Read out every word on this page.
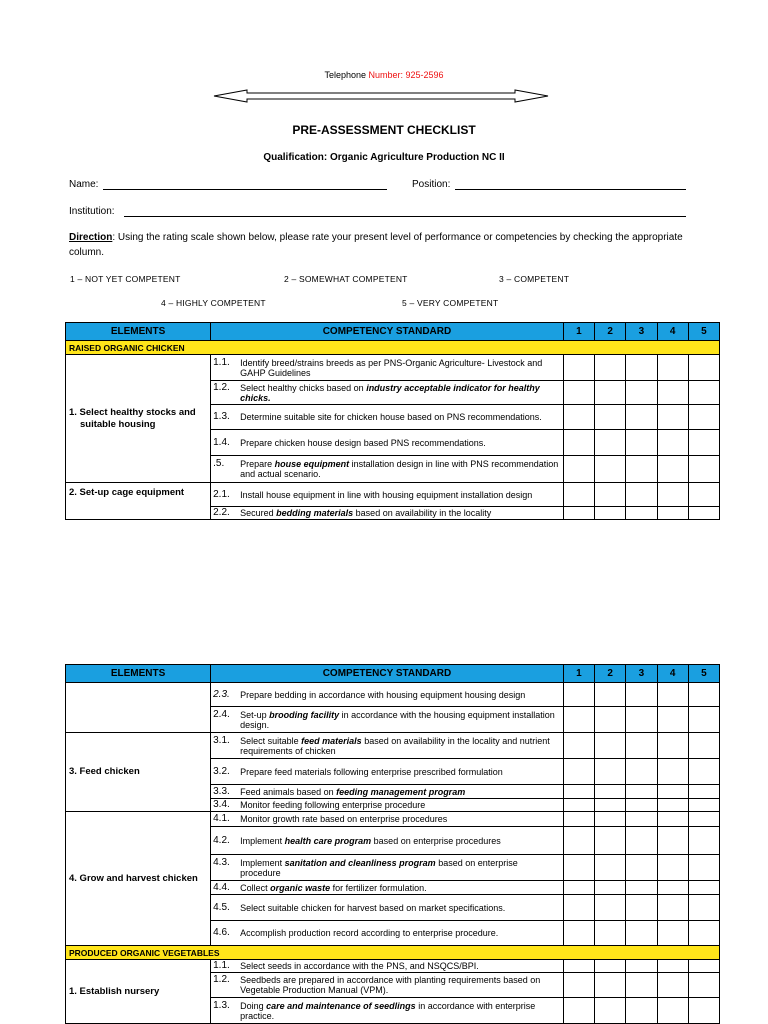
Telephone Number: 925-2596
PRE-ASSESSMENT CHECKLIST
Qualification: Organic Agriculture Production NC II
Name:	Position:
Institution:
Direction: Using the rating scale shown below, please rate your present level of performance or competencies by checking the appropriate column.
1 – NOT YET COMPETENT	2 – SOMEWHAT COMPETENT	3 – COMPETENT
4 – HIGHLY COMPETENT	5 – VERY COMPETENT
ELEMENTS	COMPETENCY STANDARD	1	2	3	4	5
RAISED ORGANIC CHICKEN						

1. Select healthy stocks and suitable housing	1.1. Identify breed/strains breeds as per PNS-Organic Agriculture- Livestock and GAHP Guidelines					

	1.2. Select healthy chicks based on industry acceptable indicator for healthy chicks.					

	1.3. Determine suitable site for chicken house based on PNS recommendations.					

	1.4. Prepare chicken house design based PNS recommendations.					

	.5. Prepare house equipment installation design in line with PNS recommendation and actual scenario.					

2. Set-up cage equipment	2.1. Install house equipment in line with housing equipment installation design					

	2.2. Secured bedding materials based on availability in the locality					

ELEMENTS	COMPETENCY STANDARD	1	2	3	4	5

	2.3. Prepare bedding in accordance with housing equipment housing design					

	2.4. Set-up brooding facility in accordance with the housing equipment installation design.					

3. Feed chicken	3.1. Select suitable feed materials based on availability in the locality and nutrient requirements of chicken					

	3.2. Prepare feed materials following enterprise prescribed formulation					

	3.3. Feed animals based on feeding management program					

	3.4. Monitor feeding following enterprise procedure					

4. Grow and harvest chicken	4.1. Monitor growth rate based on enterprise procedures					

	4.2. Implement health care program based on enterprise procedures					

	4.3. Implement sanitation and cleanliness program based on enterprise procedure					

	4.4. Collect organic waste for fertilizer formulation.					

	4.5. Select suitable chicken for harvest based on market specifications.					

	4.6. Accomplish production record according to enterprise procedure.					

PRODUCED ORGANIC VEGETABLES						

1. Establish nursery	1.1. Select seeds in accordance with the PNS, and NSQCS/BPI.					

	1.2. Seedbeds are prepared in accordance with planting requirements based on Vegetable Production Manual (VPM).					

	1.3. Doing care and maintenance of seedlings in accordance with enterprise practice.					
